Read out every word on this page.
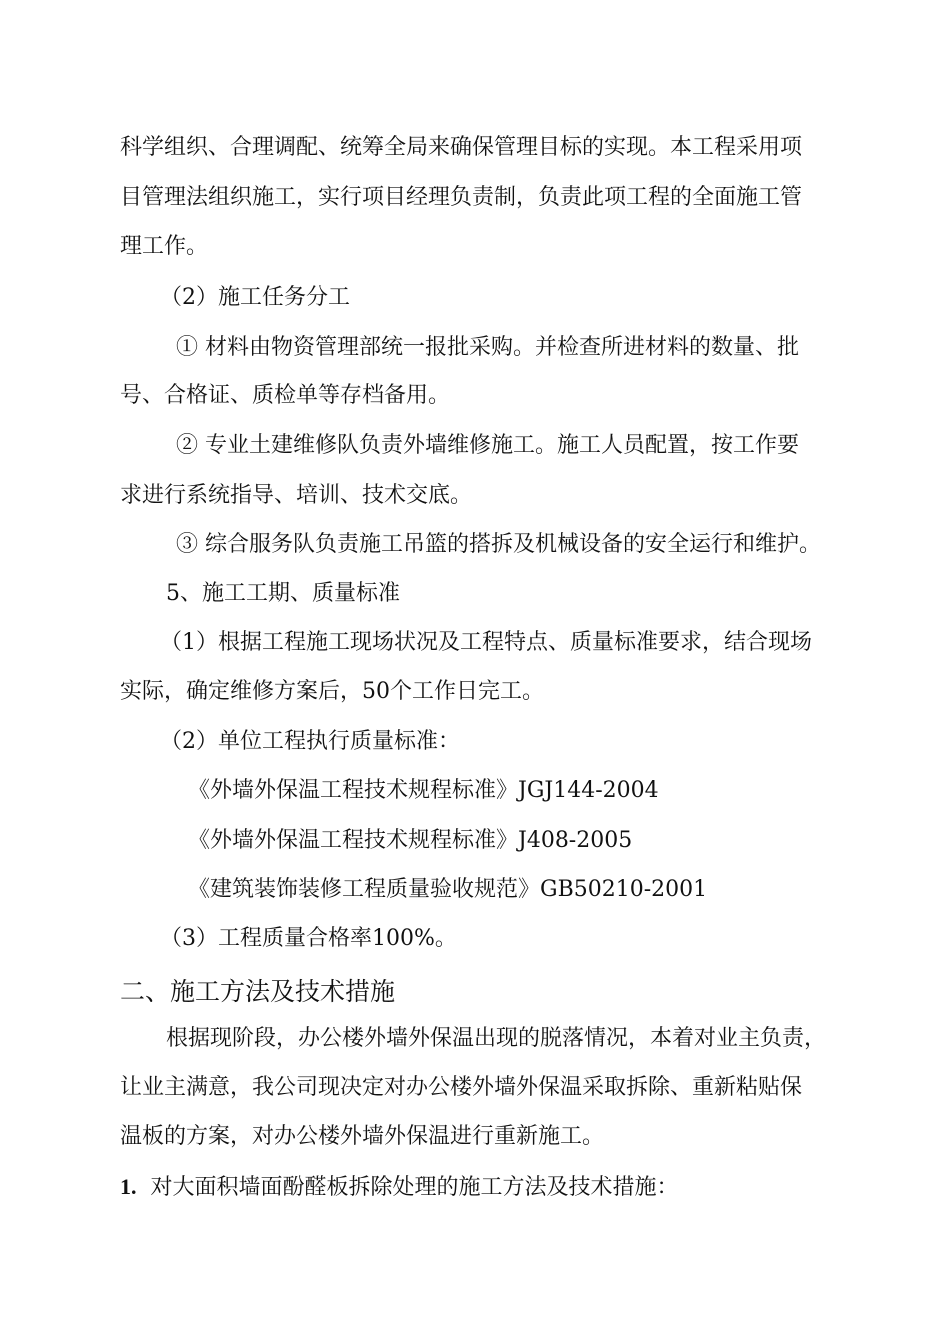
科学组织、合理调配、统筹全局来确保管理目标的实现。本工程采用项
目管理法组织施工，实行项目经理负责制，负责此项工程的全面施工管
理工作。
（2）施工任务分工
① 材料由物资管理部统一报批采购。并检查所进材料的数量、批
号、合格证、质检单等存档备用。
② 专业土建维修队负责外墙维修施工。施工人员配置，按工作要
求进行系统指导、培训、技术交底。
③ 综合服务队负责施工吊篮的搭拆及机械设备的安全运行和维护。
5、施工工期、质量标准
（1）根据工程施工现场状况及工程特点、质量标准要求，结合现场
实际，确定维修方案后，50个工作日完工。
（2）单位工程执行质量标准：
《外墙外保温工程技术规程标准》JGJ144-2004
《外墙外保温工程技术规程标准》J408-2005
《建筑装饰装修工程质量验收规范》GB50210-2001
（3）工程质量合格率100%。
二、施工方法及技术措施
根据现阶段，办公楼外墙外保温出现的脱落情况，本着对业主负责，
让业主满意，我公司现决定对办公楼外墙外保温采取拆除、重新粘贴保
温板的方案，对办公楼外墙外保温进行重新施工。
1. 对大面积墙面酚醛板拆除处理的施工方法及技术措施：
